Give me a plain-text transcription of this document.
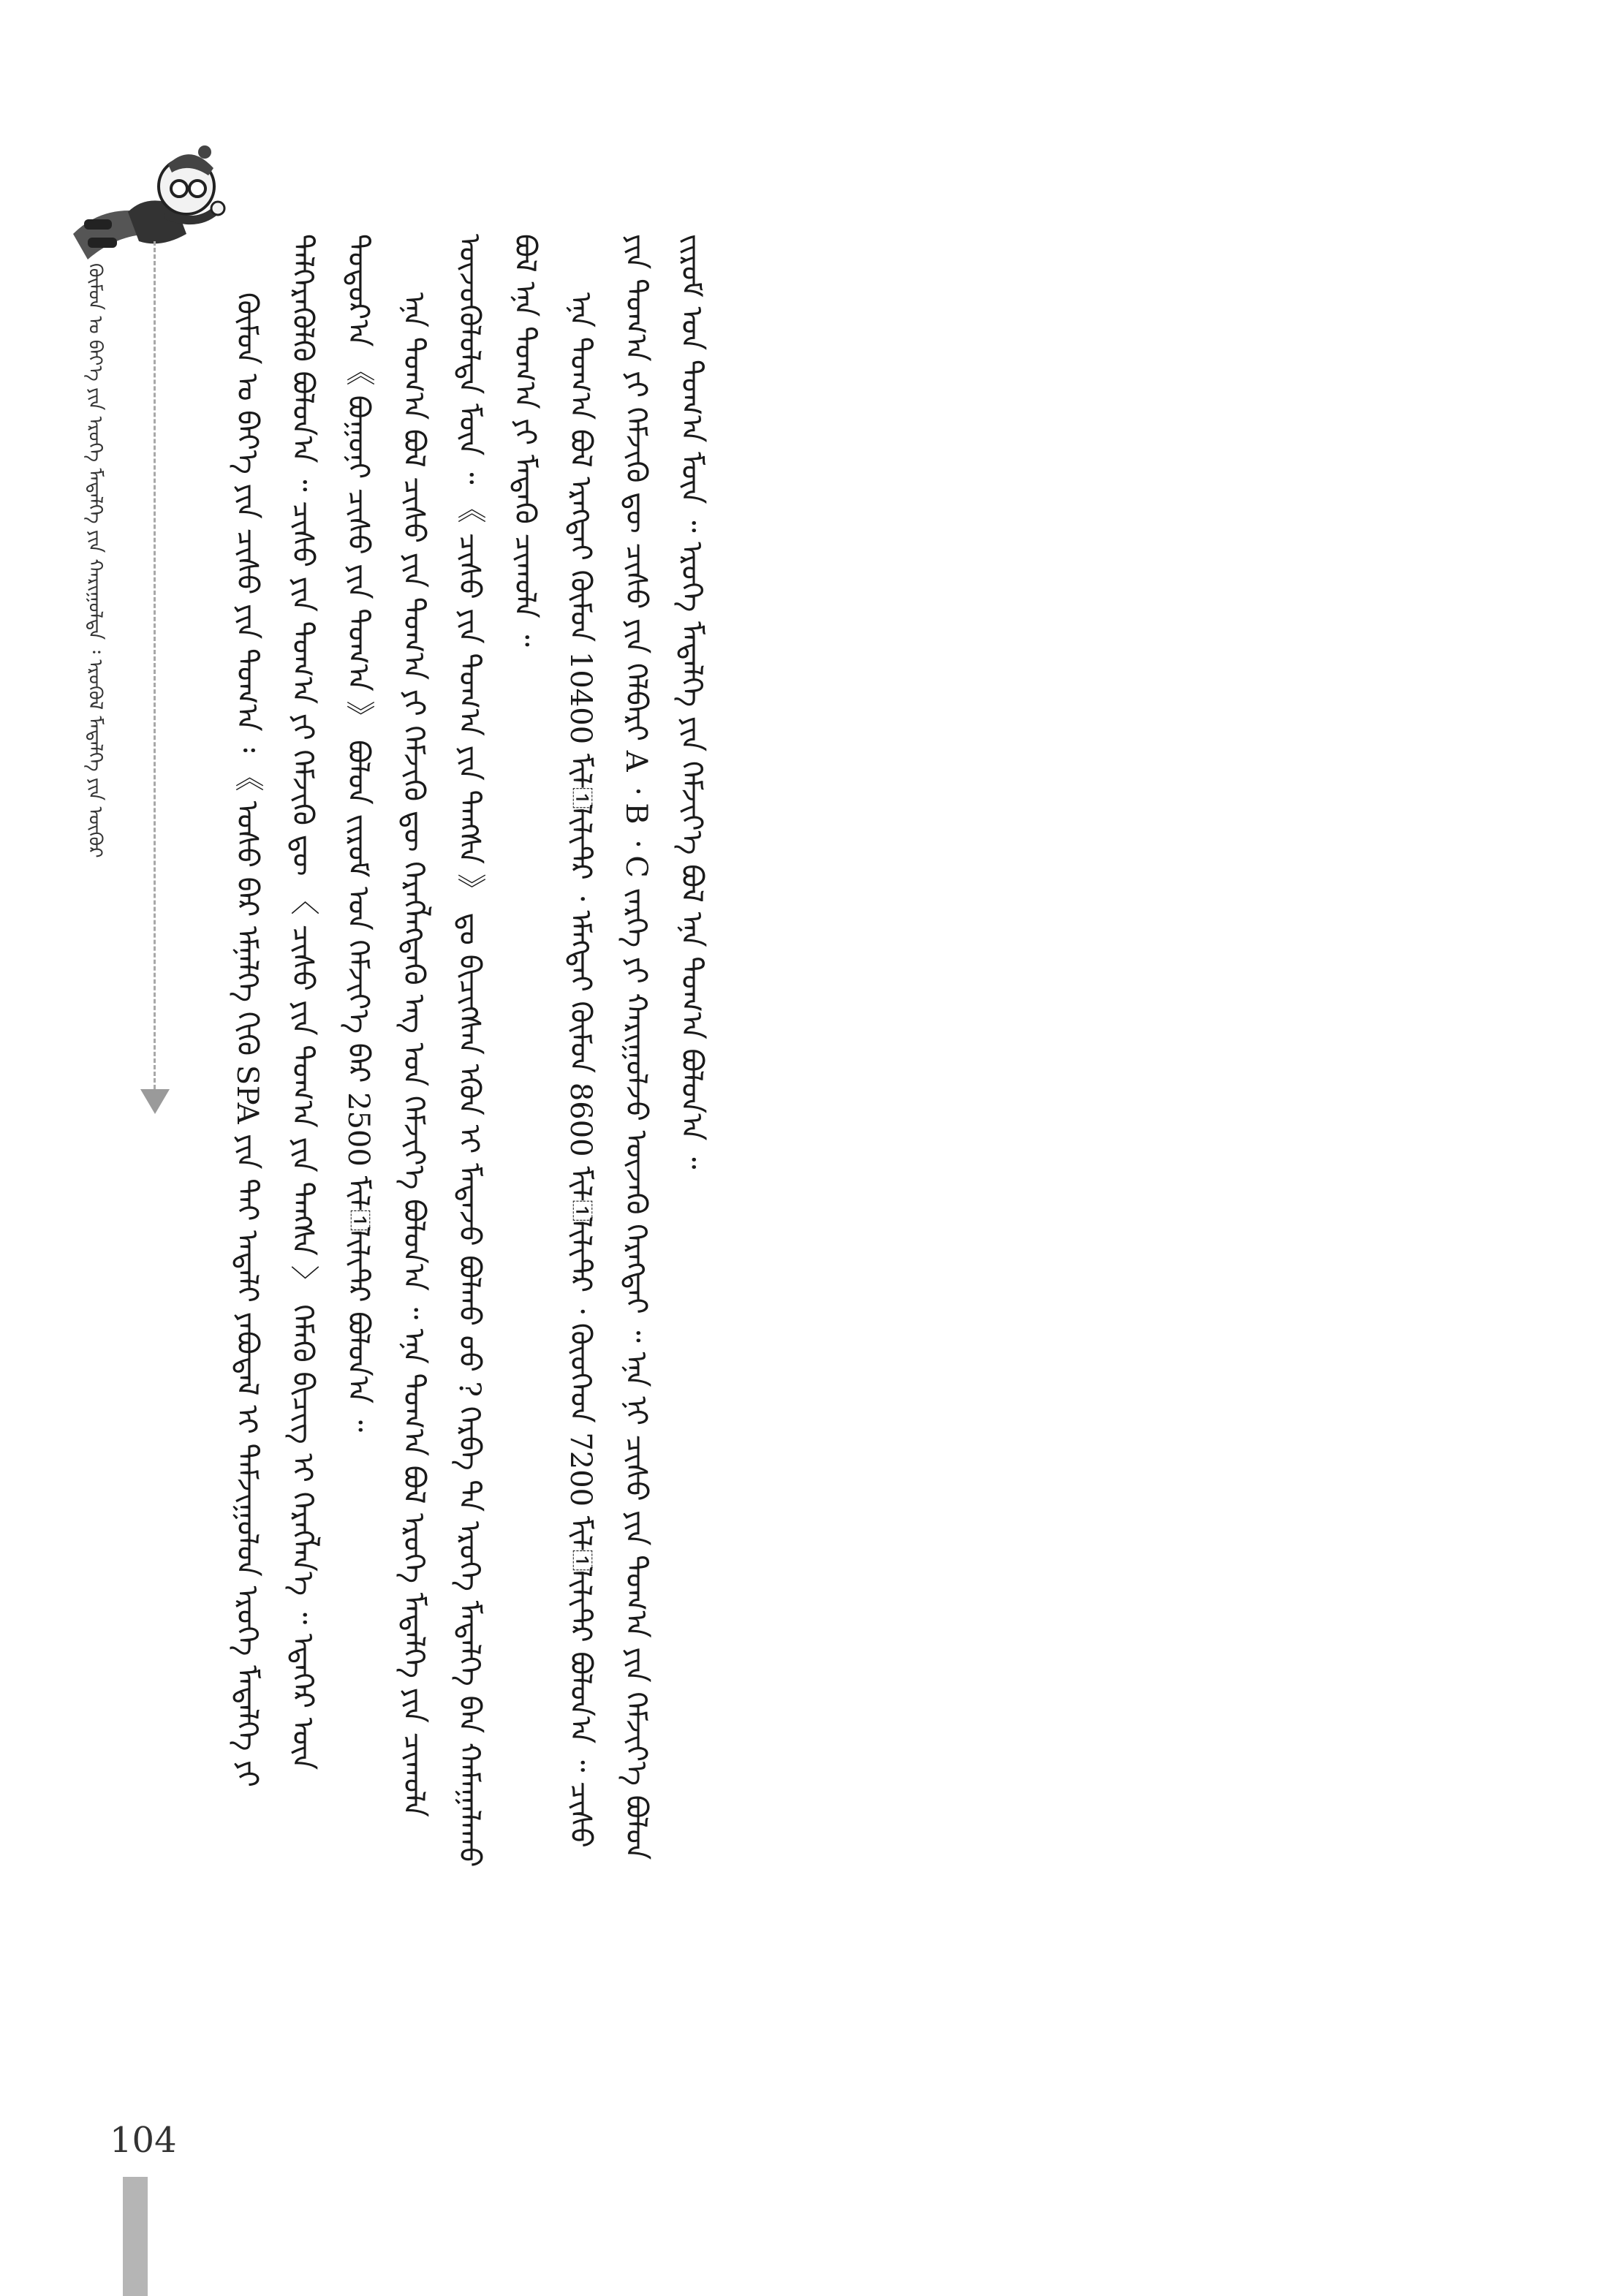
ᠬᠦᠮᠦᠨ ᠤ ᠪᠡᠶ᠎ᠡ ᠶᠢᠨ ᠡᠷᠦᠬᠡ ᠮᠡᠳᠡᠯᠭᠡ ᠶᠢᠨ ᠬᠠᠷᠢᠭᠤᠯᠲᠠ ᠄ ᠡᠷᠦᠭᠦᠯ ᠮᠡᠳᠡᠯᠭᠡ ᠶᠢᠨ ᠦᠬᠦᠷ	ᠬᠦᠮᠦᠨ ᠤ ᠪᠡᠶ᠎ᠡ ᠶᠢᠨ ᠴᠢᠰᠤ ᠶᠢᠨ ᠲᠣᠭ᠎ᠠ ᠄ 《 ᠤᠰᠤ ᠪᠡᠷ ᠡᠮᠨᠡᠯᠭᠡ ᠬᠢᠬᠦ SPA ᠶᠢᠨ ᠲᠡᠢ ᠠᠳᠠᠯᠢ ᠶᠠᠪᠤᠳᠠᠯ ᠢ ᠳᠠᠮᠵᠢᠭᠤᠯᠤᠨ ᠡᠷᠦᠬᠡ ᠮᠡᠳᠡᠯᠭᠡ ᠶᠢ ᠲᠡᠯᠭᠡᠷᠡᠭᠦᠯᠬᠦ ᠪᠣᠯᠤᠨ᠎ᠠ ᠃ ᠴᠢᠰᠤ ᠶᠢᠨ ᠲᠣᠭ᠎ᠠ ᠶᠢ ᠬᠡᠮᠵᠢᠬᠦ ᠳᠦ 〈 ᠴᠢᠰᠤ ᠶᠢᠨ ᠲᠣᠭ᠎ᠠ ᠶᠢᠨ ᠳᠠᠩᠰᠠ 〉 ᠬᠡᠮᠡᠬᠦ ᠪᠢᠴᠢᠭ᠌ ᠢ ᠬᠡᠷᠡᠭᠯᠡᠨ᠎ᠡ ᠃ ᠡᠳᠡᠭᠡᠷ ᠦᠨ ᠳᠣᠲᠣᠷ᠎ᠠ 《 ᠪᠣᠭᠤᠨᠢ ᠴᠢᠰᠤ ᠶᠢᠨ ᠲᠣᠭ᠎ᠠ 》 ᠪᠣᠯᠤᠨ ᠵᠢᠷᠤᠮ ᠤᠨ ᠬᠡᠮᠵᠢᠶ᠎ᠡ ᠪᠡᠷ 2500 ᠮᠢᠯ᠋ᠯᠢᠯᠢᠲ᠋ᠷ ᠪᠣᠯᠤᠨ᠎ᠠ ᠃ ᠡᠨᠡ ᠲᠣᠭ᠎ᠠ ᠪᠣᠯ ᠴᠢᠰᠤ ᠶᠢᠨ ᠲᠣᠭ᠎ᠠ ᠶᠢ ᠬᠡᠮᠵᠢᠬᠦ ᠳᠦ ᠬᠡᠷᠡᠭᠯᠡᠭᠳᠡᠬᠦ ᠡᠩ ᠤᠨ ᠬᠡᠮᠵᠢᠶ᠎ᠡ ᠪᠣᠯᠤᠨ᠎ᠠ ᠃ ᠡᠨᠡ ᠲᠣᠭ᠎ᠠ ᠪᠣᠯ ᠡᠷᠦᠬᠡ ᠮᠡᠳᠡᠯᠭᠡ ᠶᠢᠨ ᠴᠢᠬᠤᠯᠠ ᠦᠵᠦᠬᠦᠯᠦᠯᠲᠡ ᠮᠥᠨ ᠃ 《 ᠴᠢᠰᠤ ᠶᠢᠨ ᠲᠣᠭ᠎ᠠ ᠶᠢᠨ ᠳᠠᠩᠰᠠ 》 ᠳᠤ ᠪᠢᠴᠢᠭᠰᠡᠨ ᠡᠭᠦᠨ ᠢ ᠮᠡᠳᠡᠵᠦ ᠪᠣᠯᠬᠤ ᠤᠤ ? ᠬᠡᠷᠪᠡ ᠲᠠ ᠡᠷᠦᠬᠡ ᠮᠡᠳᠡᠯᠭᠡ ᠪᠡᠨ ᠬᠠᠮᠠᠭᠠᠯᠠᠬᠤ ᠪᠣᠯ ᠡᠨᠡ ᠲᠣᠭ᠎ᠠ ᠶᠢ ᠮᠡᠳᠡᠬᠦ ᠴᠢᠬᠤᠯᠠ ᠃ ᠡᠨᠡ ᠲᠣᠭ᠎ᠠ ᠪᠣᠯ ᠡᠷᠡᠭᠲᠡᠢ ᠬᠦᠮᠦᠨ 10400 ᠮᠢᠯ᠋ᠯᠢᠯᠢᠲ᠋ᠷ ᠂ ᠡᠮᠡᠭᠲᠡᠢ ᠬᠦᠮᠦᠨ 8600 ᠮᠢᠯ᠋ᠯᠢᠯᠢᠲ᠋ᠷ ᠂ ᠬᠦᠦᠬᠡᠳ 7200 ᠮᠢᠯ᠋ᠯᠢᠯᠢᠲ᠋ᠷ ᠪᠣᠯᠤᠨ᠎ᠠ ᠃ ᠴᠢᠰᠤ ᠶᠢᠨ ᠲᠣᠭ᠎ᠠ ᠶᠢ ᠬᠡᠮᠵᠢᠬᠦ ᠳᠦ ᠴᠢᠰᠤ ᠶᠢᠨ ᠬᠡᠯᠪᠡᠷᠢ A ᠂ B ᠂ C ᠵᠡᠷᠭᠡ ᠶᠢ ᠬᠠᠷᠢᠭᠤᠯᠵᠤ ᠦᠵᠡᠬᠦ ᠬᠡᠷᠡᠭᠲᠡᠢ ᠃ ᠡᠨᠡ ᠨᠢ ᠴᠢᠰᠤ ᠶᠢᠨ ᠲᠣᠭ᠎ᠠ ᠶᠢᠨ ᠬᠡᠮᠵᠢᠶ᠎ᠡ ᠪᠣᠯᠤᠨ ᠵᠢᠷᠤᠮ ᠤᠨ ᠲᠣᠭ᠎ᠠ ᠮᠥᠨ ᠃ ᠡᠷᠦᠬᠡ ᠮᠡᠳᠡᠯᠭᠡ ᠶᠢᠨ ᠬᠡᠮᠵᠢᠶ᠎ᠡ ᠪᠣᠯ ᠡᠨᠡ ᠲᠣᠭ᠎ᠠ ᠪᠣᠯᠤᠨ᠎ᠠ ᠃

104
